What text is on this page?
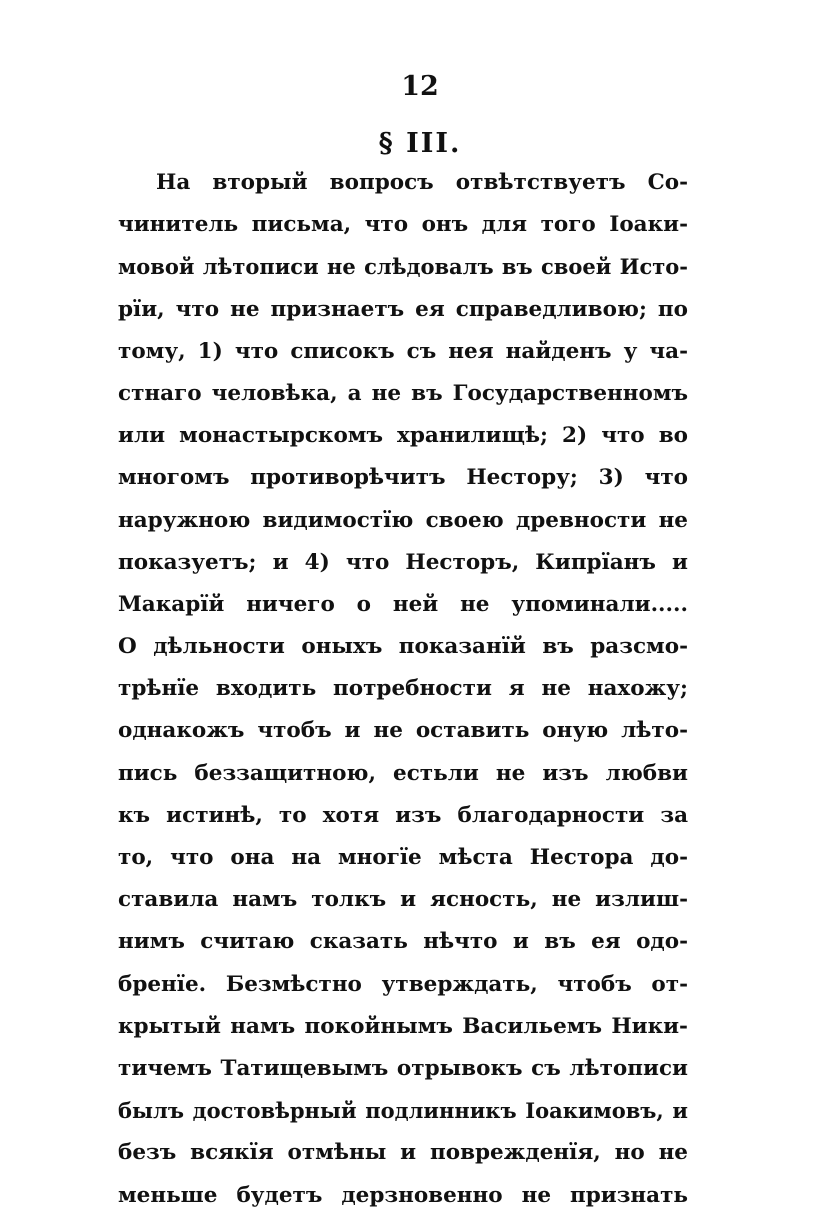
12
§ III.
На вторый вопросъ отвѣтствуетъ Со-
чинитель письма, что онъ для того Іоаки-
мовой лѣтописи не слѣдовалъ въ своей Исто-
рїи, что не признаетъ ея справедливою; по
тому, 1) что списокъ съ нея найденъ у ча-
стнаго человѣка, а не въ Государственномъ
или монастырскомъ хранилищѣ; 2) что во
многомъ противорѣчитъ Нестору; 3) что
наружною видимостїю своею древности не
показуетъ; и 4) что Несторъ, Кипрїанъ и
Макарїй ничего о ней не упоминали.....
О дѣльности оныхъ показанїй въ разсмо-
трѣнїе входить потребности я не нахожу;
однакожъ чтобъ и не оставить оную лѣто-
пись беззащитною, естьли не изъ любви
къ истинѣ, то хотя изъ благодарности за
то, что она на многїе мѣста Нестора до-
ставила намъ толкъ и ясность, не излиш-
нимъ считаю сказать нѣчто и въ ея одо-
бренїе. Безмѣстно утверждать, чтобъ от-
крытый намъ покойнымъ Васильемъ Ники-
тичемъ Татищевымъ отрывокъ съ лѣтописи
былъ достовѣрный подлинникъ Іоакимовъ, и
безъ всякїя отмѣны и поврежденїя, но не
меньше будетъ дерзновенно не признать
